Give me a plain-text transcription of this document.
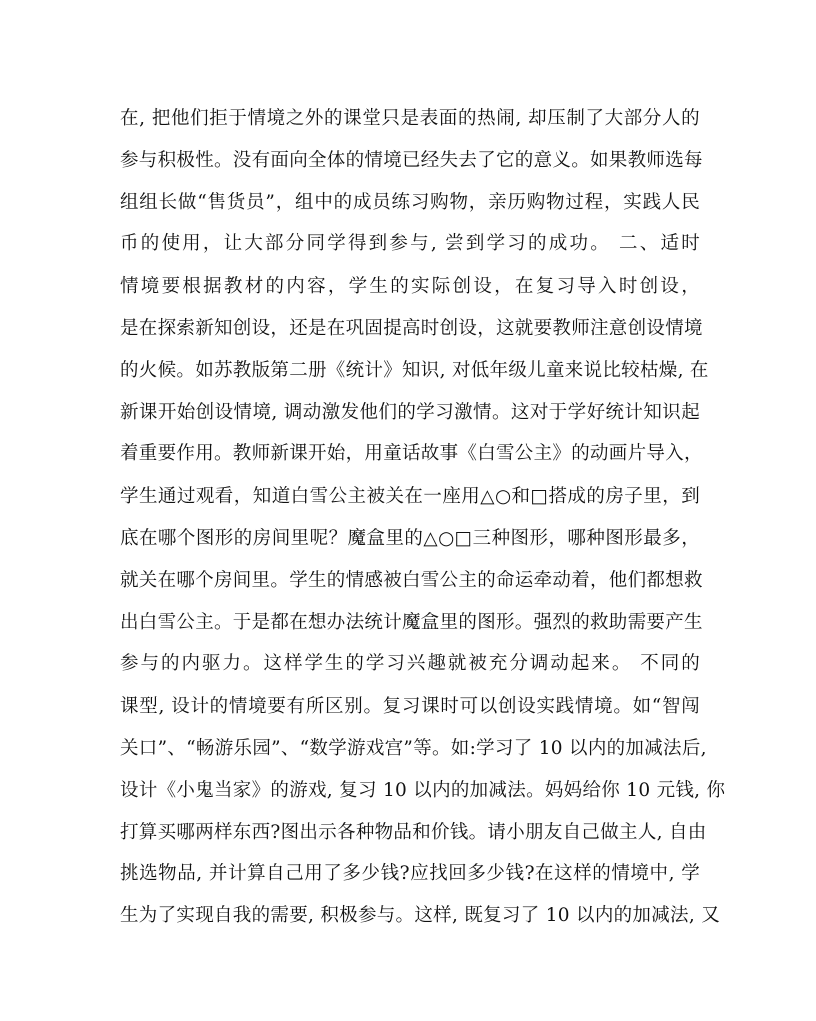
在, 把他们拒于情境之外的课堂只是表面的热闹, 却压制了大部分人的
参与积极性。没有面向全体的情境已经失去了它的意义。如果教师选每
组组长做“售货员”，组中的成员练习购物，亲历购物过程，实践人民
币的使用，让大部分同学得到参与, 尝到学习的成功。 二、适时
情境要根据教材的内容，学生的实际创设，在复习导入时创设，
是在探索新知创设，还是在巩固提高时创设，这就要教师注意创设情境
的火候。如苏教版第二册《统计》知识, 对低年级儿童来说比较枯燥, 在
新课开始创设情境, 调动激发他们的学习激情。这对于学好统计知识起
着重要作用。教师新课开始，用童话故事《白雪公主》的动画片导入，
学生通过观看，知道白雪公主被关在一座用△○和□搭成的房子里，到
底在哪个图形的房间里呢？魔盒里的△○□三种图形，哪种图形最多，
就关在哪个房间里。学生的情感被白雪公主的命运牵动着，他们都想救
出白雪公主。于是都在想办法统计魔盒里的图形。强烈的救助需要产生
参与的内驱力。这样学生的学习兴趣就被充分调动起来。 不同的
课型, 设计的情境要有所区别。复习课时可以创设实践情境。如“智闯
关口”、“畅游乐园”、“数学游戏宫”等。如:学习了 10 以内的加减法后,
设计《小鬼当家》的游戏, 复习 10 以内的加减法。妈妈给你 10 元钱, 你
打算买哪两样东西?图出示各种物品和价钱。请小朋友自己做主人, 自由
挑选物品, 并计算自己用了多少钱?应找回多少钱?在这样的情境中, 学
生为了实现自我的需要, 积极参与。这样, 既复习了 10 以内的加减法, 又
